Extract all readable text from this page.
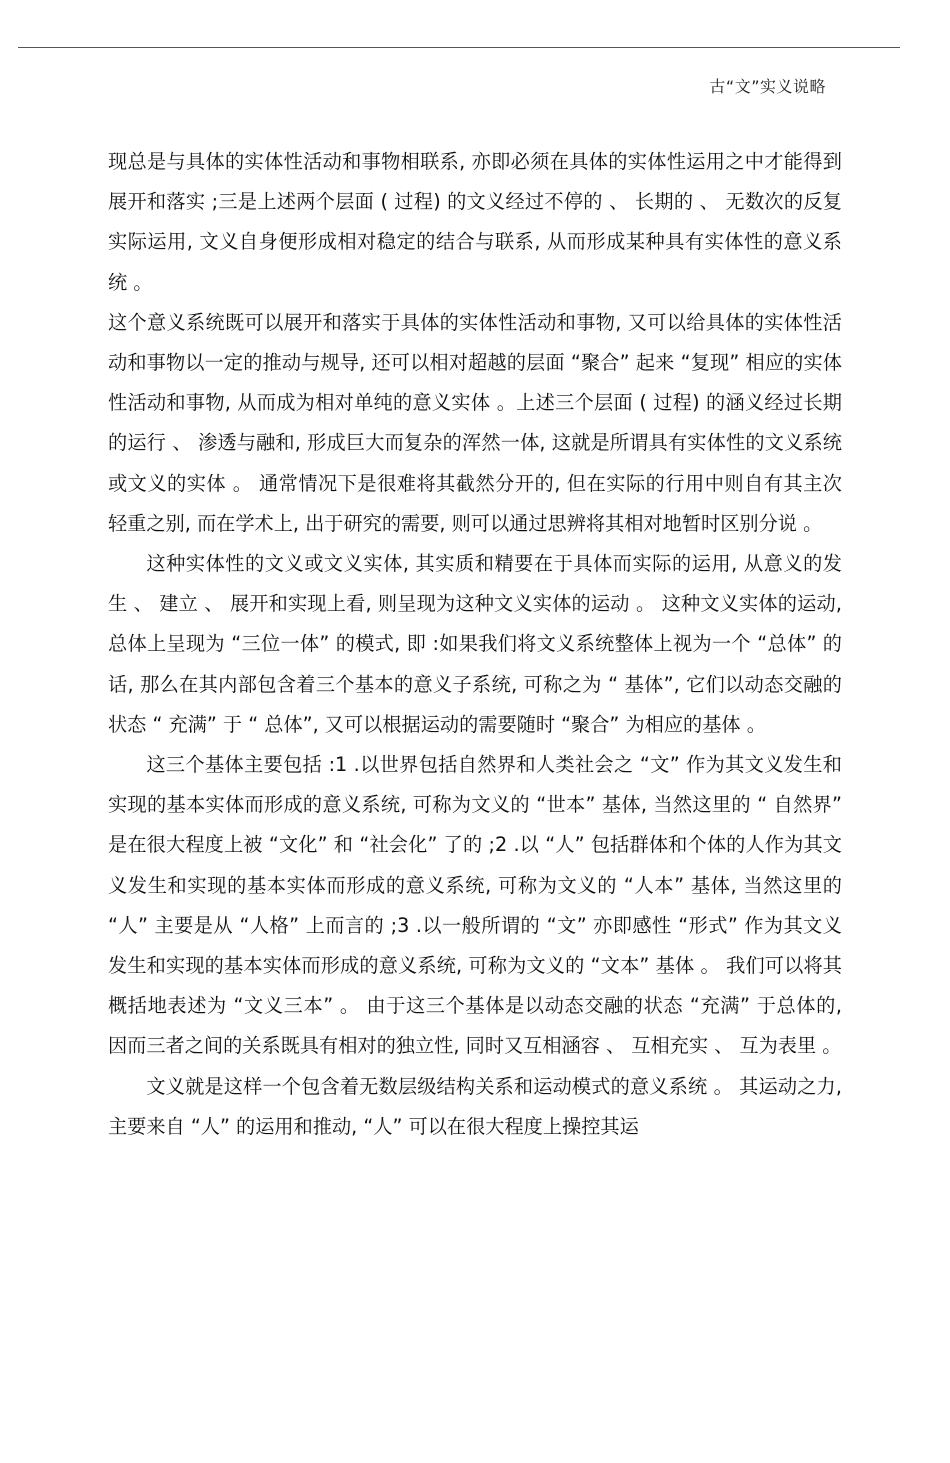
古“文”实义说略

现总是与具体的实体性活动和事物相联系, 亦即必须在具体的实体性运用之中才能得到展开和落实 ;三是上述两个层面 ( 过程) 的文义经过不停的 、 长期的 、 无数次的反复实际运用, 文义自身便形成相对稳定的结合与联系, 从而形成某种具有实体性的意义系统 。

这个意义系统既可以展开和落实于具体的实体性活动和事物, 又可以给具体的实体性活动和事物以一定的推动与规导, 还可以相对超越的层面 “聚合” 起来 “复现” 相应的实体性活动和事物, 从而成为相对单纯的意义实体 。上述三个层面 ( 过程) 的涵义经过长期的运行 、 渗透与融和, 形成巨大而复杂的浑然一体, 这就是所谓具有实体性的文义系统或文义的实体 。 通常情况下是很难将其截然分开的, 但在实际的行用中则自有其主次轻重之别, 而在学术上, 出于研究的需要, 则可以通过思辨将其相对地暂时区别分说 。

这种实体性的文义或文义实体, 其实质和精要在于具体而实际的运用, 从意义的发生 、 建立 、 展开和实现上看, 则呈现为这种文义实体的运动 。 这种文义实体的运动, 总体上呈现为 “三位一体” 的模式, 即 :如果我们将文义系统整体上视为一个 “总体” 的话, 那么在其内部包含着三个基本的意义子系统, 可称之为 “ 基体”, 它们以动态交融的状态 “ 充满” 于 “ 总体”, 又可以根据运动的需要随时 “聚合” 为相应的基体 。

这三个基体主要包括 :1 .以世界包括自然界和人类社会之 “文” 作为其文义发生和实现的基本实体而形成的意义系统, 可称为文义的 “世本” 基体, 当然这里的 “ 自然界” 是在很大程度上被 “文化” 和 “社会化” 了的 ;2 .以 “人” 包括群体和个体的人作为其文义发生和实现的基本实体而形成的意义系统, 可称为文义的 “人本” 基体, 当然这里的 “人” 主要是从 “人格” 上而言的 ;3 .以一般所谓的 “文” 亦即感性 “形式” 作为其文义发生和实现的基本实体而形成的意义系统, 可称为文义的 “文本” 基体 。 我们可以将其概括地表述为 “文义三本” 。 由于这三个基体是以动态交融的状态 “充满” 于总体的, 因而三者之间的关系既具有相对的独立性, 同时又互相涵容 、 互相充实 、 互为表里 。

文义就是这样一个包含着无数层级结构关系和运动模式的意义系统 。 其运动之力, 主要来自 “人” 的运用和推动, “人” 可以在很大程度上操控其运
